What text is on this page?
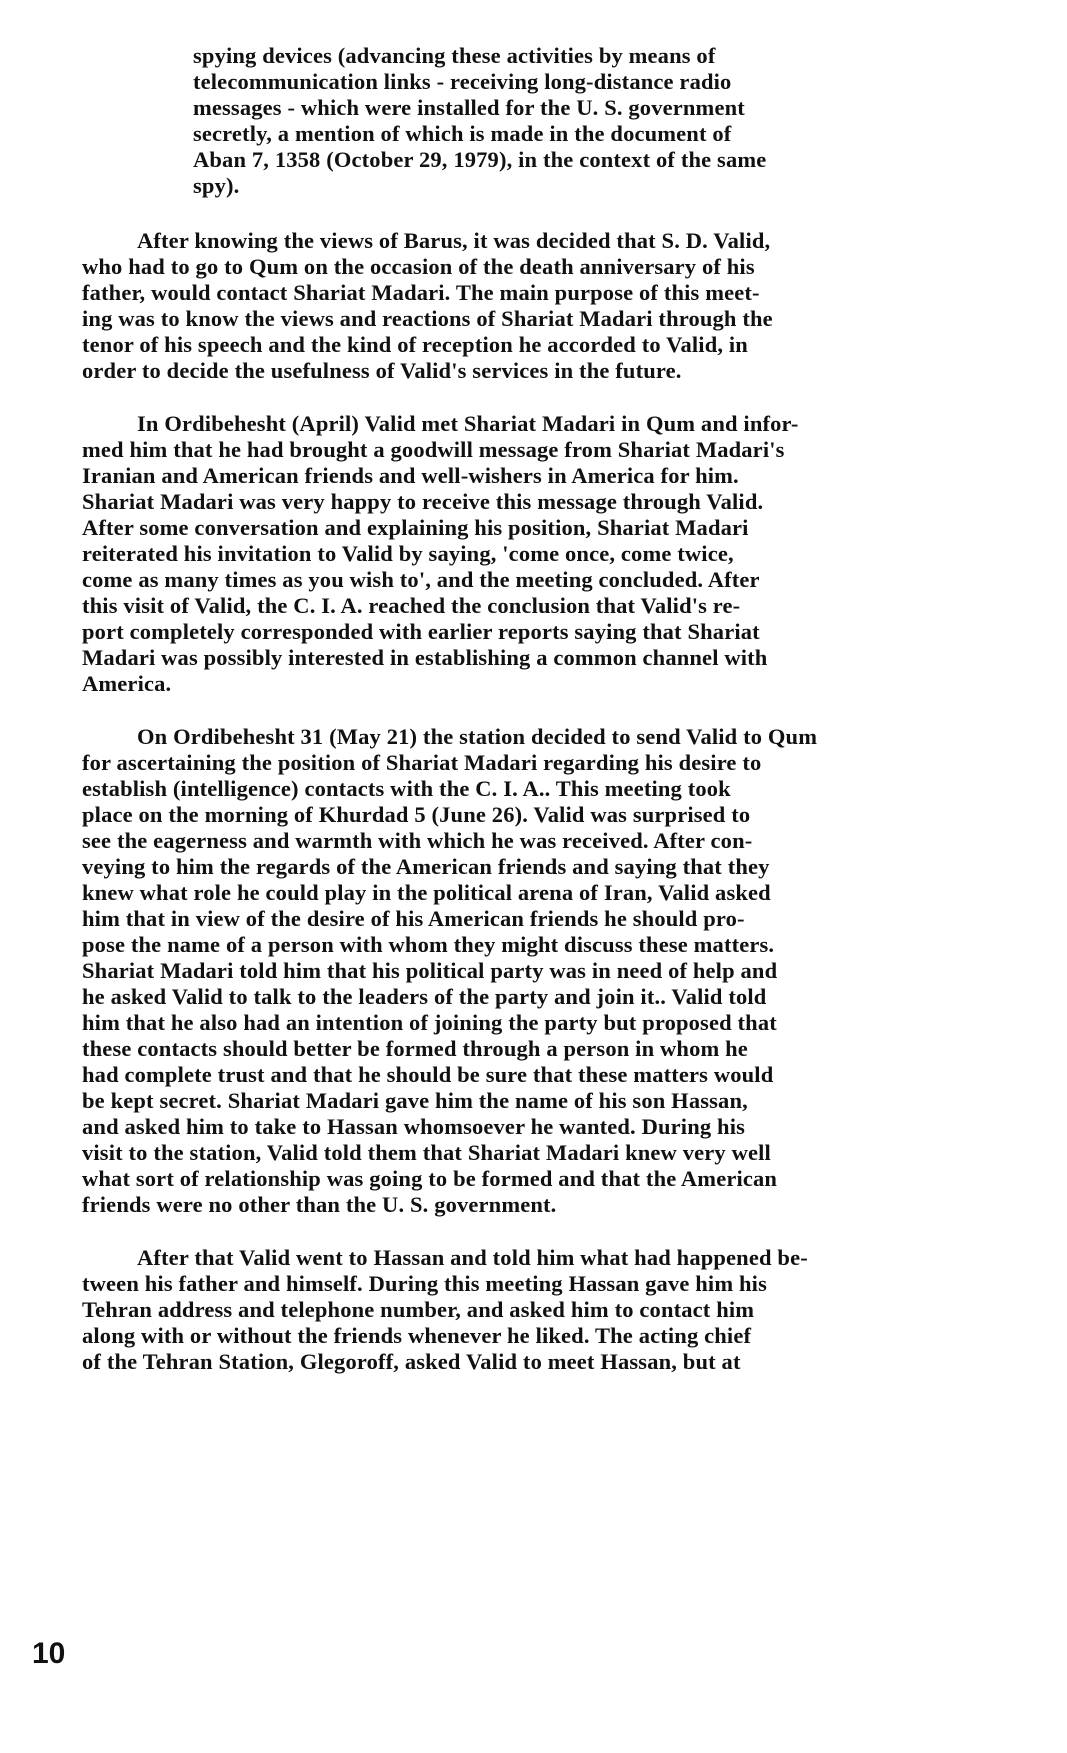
spying devices (advancing these activities by means of
telecommunication links - receiving long-distance radio
messages - which were installed for the U. S. government
secretly, a mention of which is made in the document of
Aban 7, 1358 (October 29, 1979), in the context of the same
spy).
After knowing the views of Barus, it was decided that S. D. Valid,
who had to go to Qum on the occasion of the death anniversary of his
father, would contact Shariat Madari. The main purpose of this meet-
ing was to know the views and reactions of Shariat Madari through the
tenor of his speech and the kind of reception he accorded to Valid, in
order to decide the usefulness of Valid's services in the future.
In Ordibehesht (April) Valid met Shariat Madari in Qum and infor-
med him that he had brought a goodwill message from Shariat Madari's
Iranian and American friends and well-wishers in America for him.
Shariat Madari was very happy to receive this message through Valid.
After some conversation and explaining his position, Shariat Madari
reiterated his invitation to Valid by saying, 'come once, come twice,
come as many times as you wish to', and the meeting concluded. After
this visit of Valid, the C. I. A. reached the conclusion that Valid's re-
port completely corresponded with earlier reports saying that Shariat
Madari was possibly interested in establishing a common channel with
America.
On Ordibehesht 31 (May 21) the station decided to send Valid to Qum
for ascertaining the position of Shariat Madari regarding his desire to
establish (intelligence) contacts with the C. I. A.. This meeting took
place on the morning of Khurdad 5 (June 26). Valid was surprised to
see the eagerness and warmth with which he was received. After con-
veying to him the regards of the American friends and saying that they
knew what role he could play in the political arena of Iran, Valid asked
him that in view of the desire of his American friends he should pro-
pose the name of a person with whom they might discuss these matters.
Shariat Madari told him that his political party was in need of help and
he asked Valid to talk to the leaders of the party and join it.. Valid told
him that he also had an intention of joining the party but proposed that
these contacts should better be formed through a person in whom he
had complete trust and that he should be sure that these matters would
be kept secret. Shariat Madari gave him the name of his son Hassan,
and asked him to take to Hassan whomsoever he wanted. During his
visit to the station, Valid told them that Shariat Madari knew very well
what sort of relationship was going to be formed and that the American
friends were no other than the U. S. government.
After that Valid went to Hassan and told him what had happened be-
tween his father and himself. During this meeting Hassan gave him his
Tehran address and telephone number, and asked him to contact him
along with or without the friends whenever he liked. The acting chief
of the Tehran Station, Glegoroff, asked Valid to meet Hassan, but at
10
